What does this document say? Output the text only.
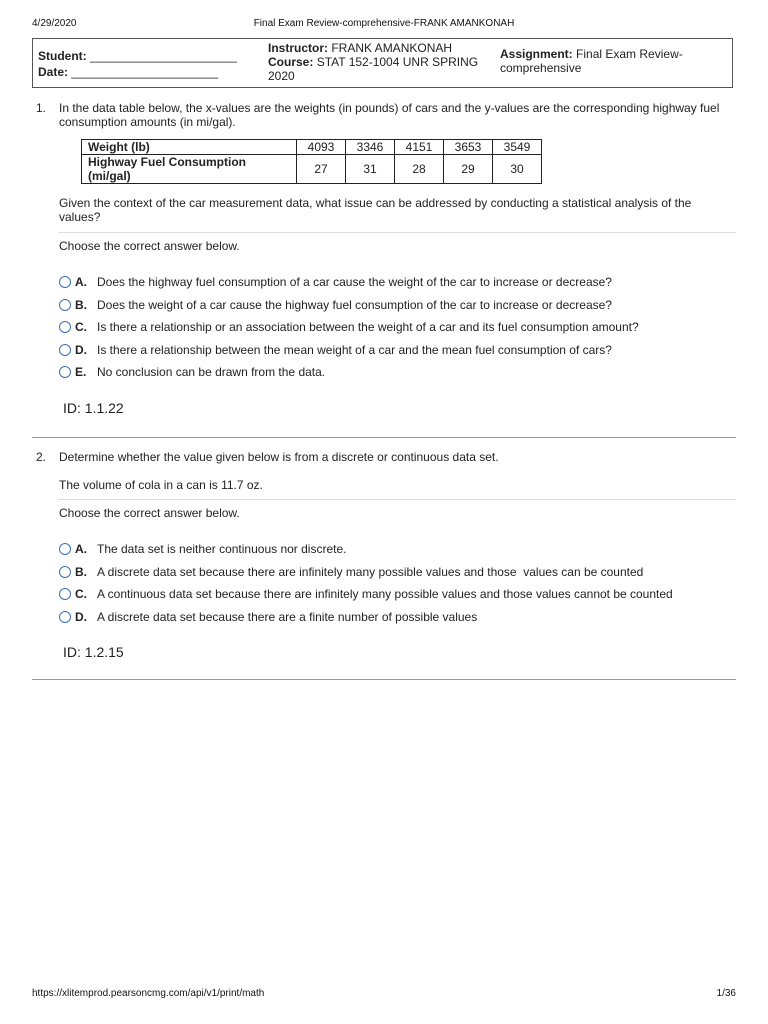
4/29/2020	Final Exam Review-comprehensive-FRANK AMANKONAH
Student: ______________________
Date: ______________________
Instructor: FRANK AMANKONAH
Course: STAT 152-1004 UNR SPRING 2020
Assignment: Final Exam Review-comprehensive
1. In the data table below, the x-values are the weights (in pounds) of cars and the y-values are the corresponding highway fuel consumption amounts (in mi/gal).
Weight (lb)	4093	3346	4151	3653	3549
Highway Fuel Consumption (mi/gal)	27	31	28	29	30
Given the context of the car measurement data, what issue can be addressed by conducting a statistical analysis of the values?
Choose the correct answer below.
A. Does the highway fuel consumption of a car cause the weight of the car to increase or decrease?
B. Does the weight of a car cause the highway fuel consumption of the car to increase or decrease?
C. Is there a relationship or an association between the weight of a car and its fuel consumption amount?
D. Is there a relationship between the mean weight of a car and the mean fuel consumption of cars?
E. No conclusion can be drawn from the data.
ID: 1.1.22
2. Determine whether the value given below is from a discrete or continuous data set.
The volume of cola in a can is 11.7 oz.
Choose the correct answer below.
A. The data set is neither continuous nor discrete.
B. A discrete data set because there are infinitely many possible values and those  values can be counted
C. A continuous data set because there are infinitely many possible values and those values cannot be counted
D. A discrete data set because there are a finite number of possible values
ID: 1.2.15
https://xlitemprod.pearsoncmg.com/api/v1/print/math	1/36
